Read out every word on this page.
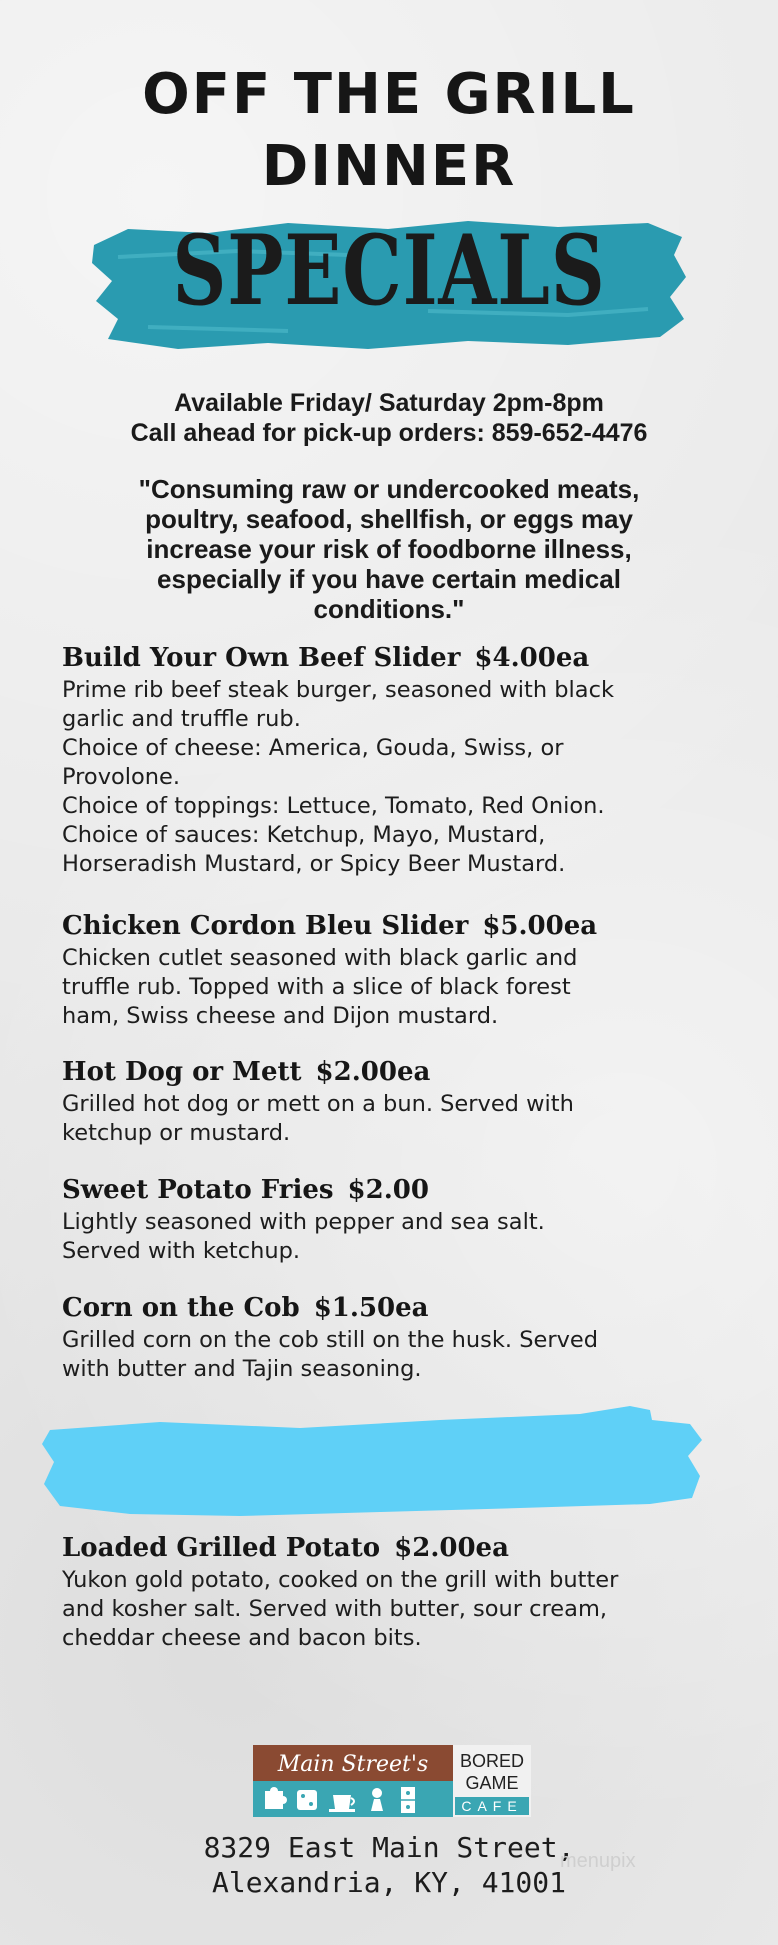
OFF THE GRILL
DINNER
SPECIALS
Available Friday/ Saturday 2pm-8pm
Call ahead for pick-up orders: 859-652-4476
"Consuming raw or undercooked meats, poultry, seafood, shellfish, or eggs may increase your risk of foodborne illness, especially if you have certain medical conditions."
Build Your Own Beef Slider $4.00ea
Prime rib beef steak burger, seasoned with black
garlic and truffle rub.
Choice of cheese: America, Gouda, Swiss, or
Provolone.
Choice of toppings: Lettuce, Tomato, Red Onion.
Choice of sauces: Ketchup, Mayo, Mustard,
Horseradish Mustard, or Spicy Beer Mustard.
Chicken Cordon Bleu Slider $5.00ea
Chicken cutlet seasoned with black garlic and
truffle rub. Topped with a slice of black forest
ham, Swiss cheese and Dijon mustard.
Hot Dog or Mett $2.00ea
Grilled hot dog or mett on a bun. Served with
ketchup or mustard.
Sweet Potato Fries $2.00
Lightly seasoned with pepper and sea salt.
Served with ketchup.
Corn on the Cob $1.50ea
Grilled corn on the cob still on the husk. Served
with butter and Tajin seasoning.
Loaded Grilled Potato $2.00ea
Yukon gold potato, cooked on the grill with butter
and kosher salt. Served with butter, sour cream,
cheddar cheese and bacon bits.
Main Street's BORED
GAME
CAFE
8329 East Main Street,
Alexandria, KY, 41001
menupix
